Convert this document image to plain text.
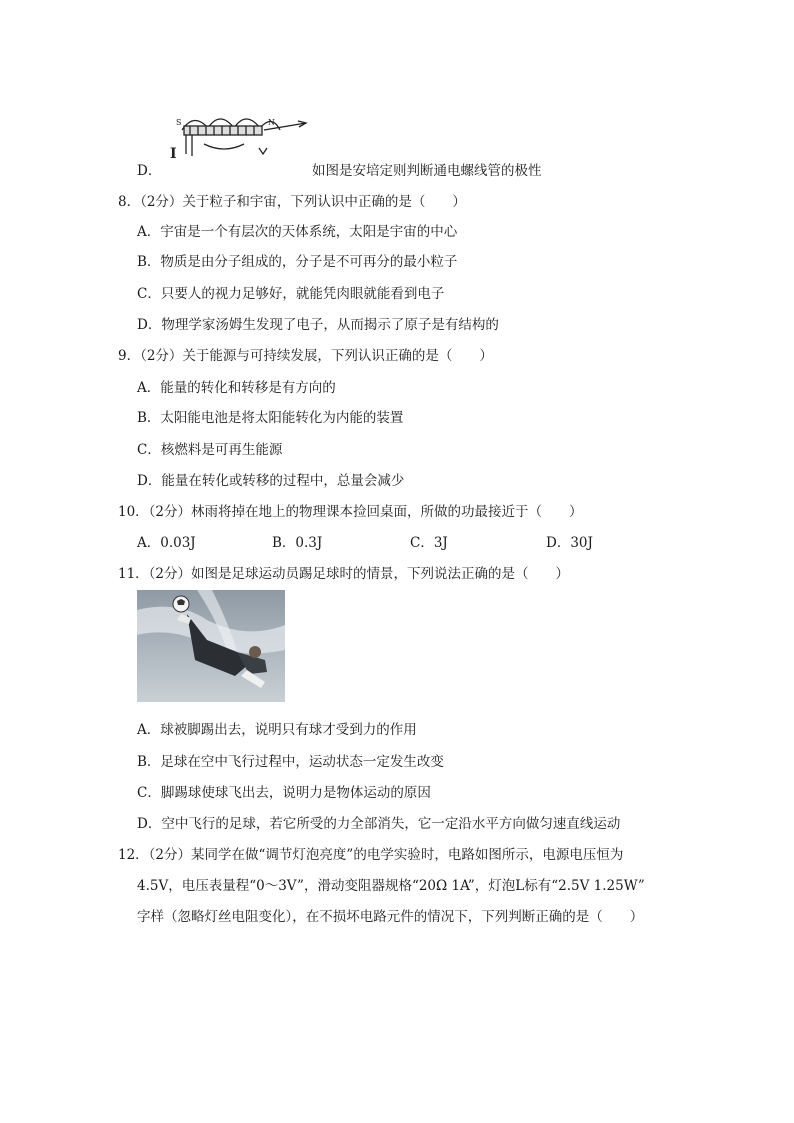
S	N
I
D．	如图是安培定则判断通电螺线管的极性
8．（2分）关于粒子和宇宙，下列认识中正确的是（　　）
A．宇宙是一个有层次的天体系统，太阳是宇宙的中心
B．物质是由分子组成的，分子是不可再分的最小粒子
C．只要人的视力足够好，就能凭肉眼就能看到电子
D．物理学家汤姆生发现了电子，从而揭示了原子是有结构的
9．（2分）关于能源与可持续发展，下列认识正确的是（　　）
A．能量的转化和转移是有方向的
B．太阳能电池是将太阳能转化为内能的装置
C．核燃料是可再生能源
D．能量在转化或转移的过程中，总量会减少
10．（2分）林雨将掉在地上的物理课本捡回桌面，所做的功最接近于（　　）
A．0.03J	B．0.3J	C．3J	D．30J
11．（2分）如图是足球运动员踢足球时的情景，下列说法正确的是（　　）
A．球被脚踢出去，说明只有球才受到力的作用
B．足球在空中飞行过程中，运动状态一定发生改变
C．脚踢球使球飞出去，说明力是物体运动的原因
D．空中飞行的足球，若它所受的力全部消失，它一定沿水平方向做匀速直线运动
12．（2分）某同学在做“调节灯泡亮度”的电学实验时，电路如图所示，电源电压恒为
4.5V，电压表量程“0～3V”，滑动变阻器规格“20Ω 1A”，灯泡L标有“2.5V 1.25W”
字样（忽略灯丝电阻变化），在不损坏电路元件的情况下，下列判断正确的是（　　）
